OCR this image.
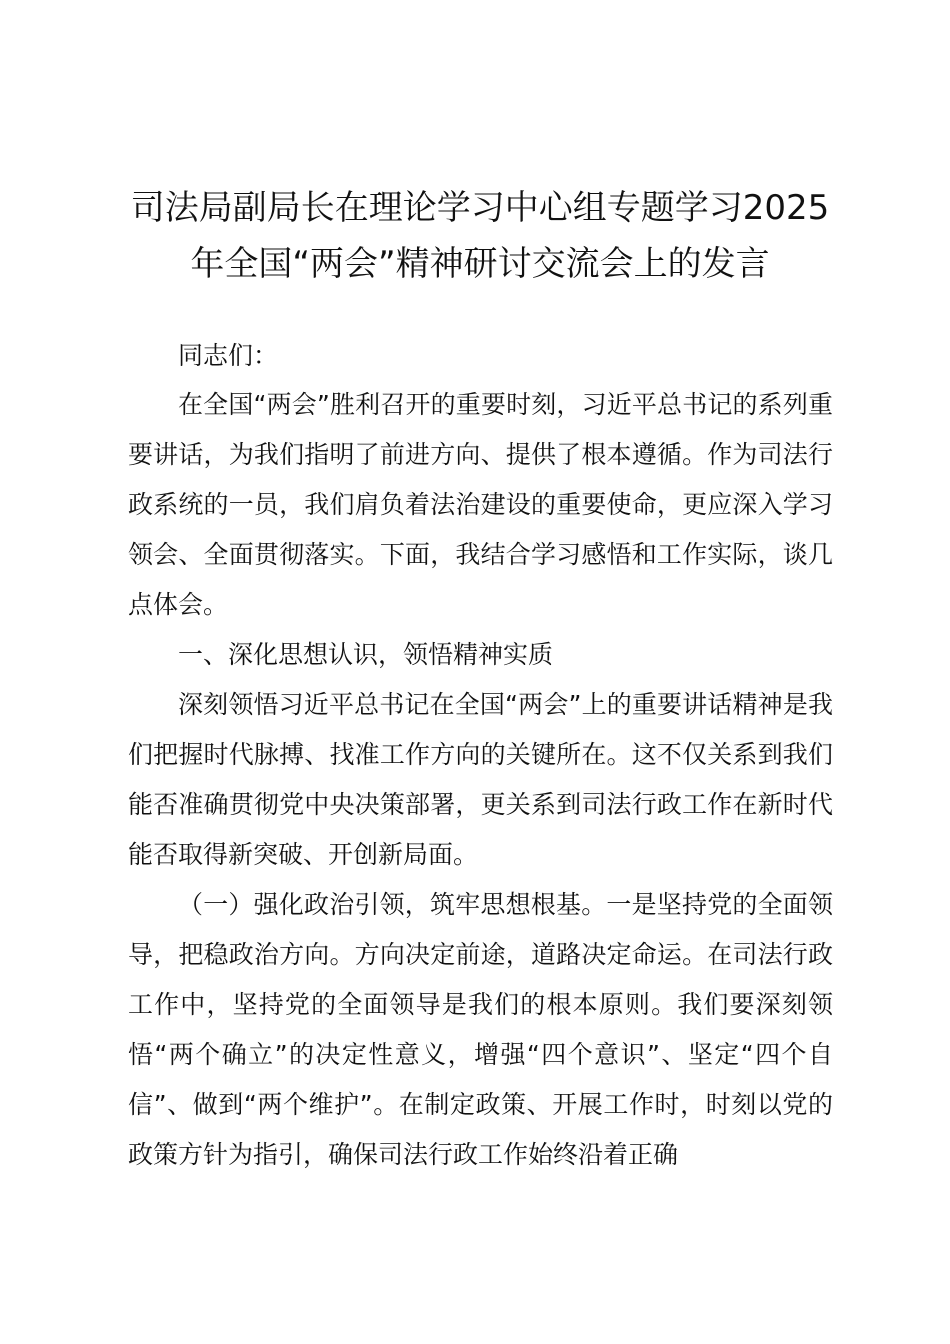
司法局副局长在理论学习中心组专题学习2025年全国“两会”精神研讨交流会上的发言

同志们：

在全国“两会”胜利召开的重要时刻，习近平总书记的系列重要讲话，为我们指明了前进方向、提供了根本遵循。作为司法行政系统的一员，我们肩负着法治建设的重要使命，更应深入学习领会、全面贯彻落实。下面，我结合学习感悟和工作实际，谈几点体会。

一、深化思想认识，领悟精神实质

深刻领悟习近平总书记在全国“两会”上的重要讲话精神是我们把握时代脉搏、找准工作方向的关键所在。这不仅关系到我们能否准确贯彻党中央决策部署，更关系到司法行政工作在新时代能否取得新突破、开创新局面。

（一）强化政治引领，筑牢思想根基。一是坚持党的全面领导，把稳政治方向。方向决定前途，道路决定命运。在司法行政工作中，坚持党的全面领导是我们的根本原则。我们要深刻领悟“两个确立”的决定性意义，增强“四个意识”、坚定“四个自信”、做到“两个维护”。在制定政策、开展工作时，时刻以党的政策方针为指引，确保司法行政工作始终沿着正确
